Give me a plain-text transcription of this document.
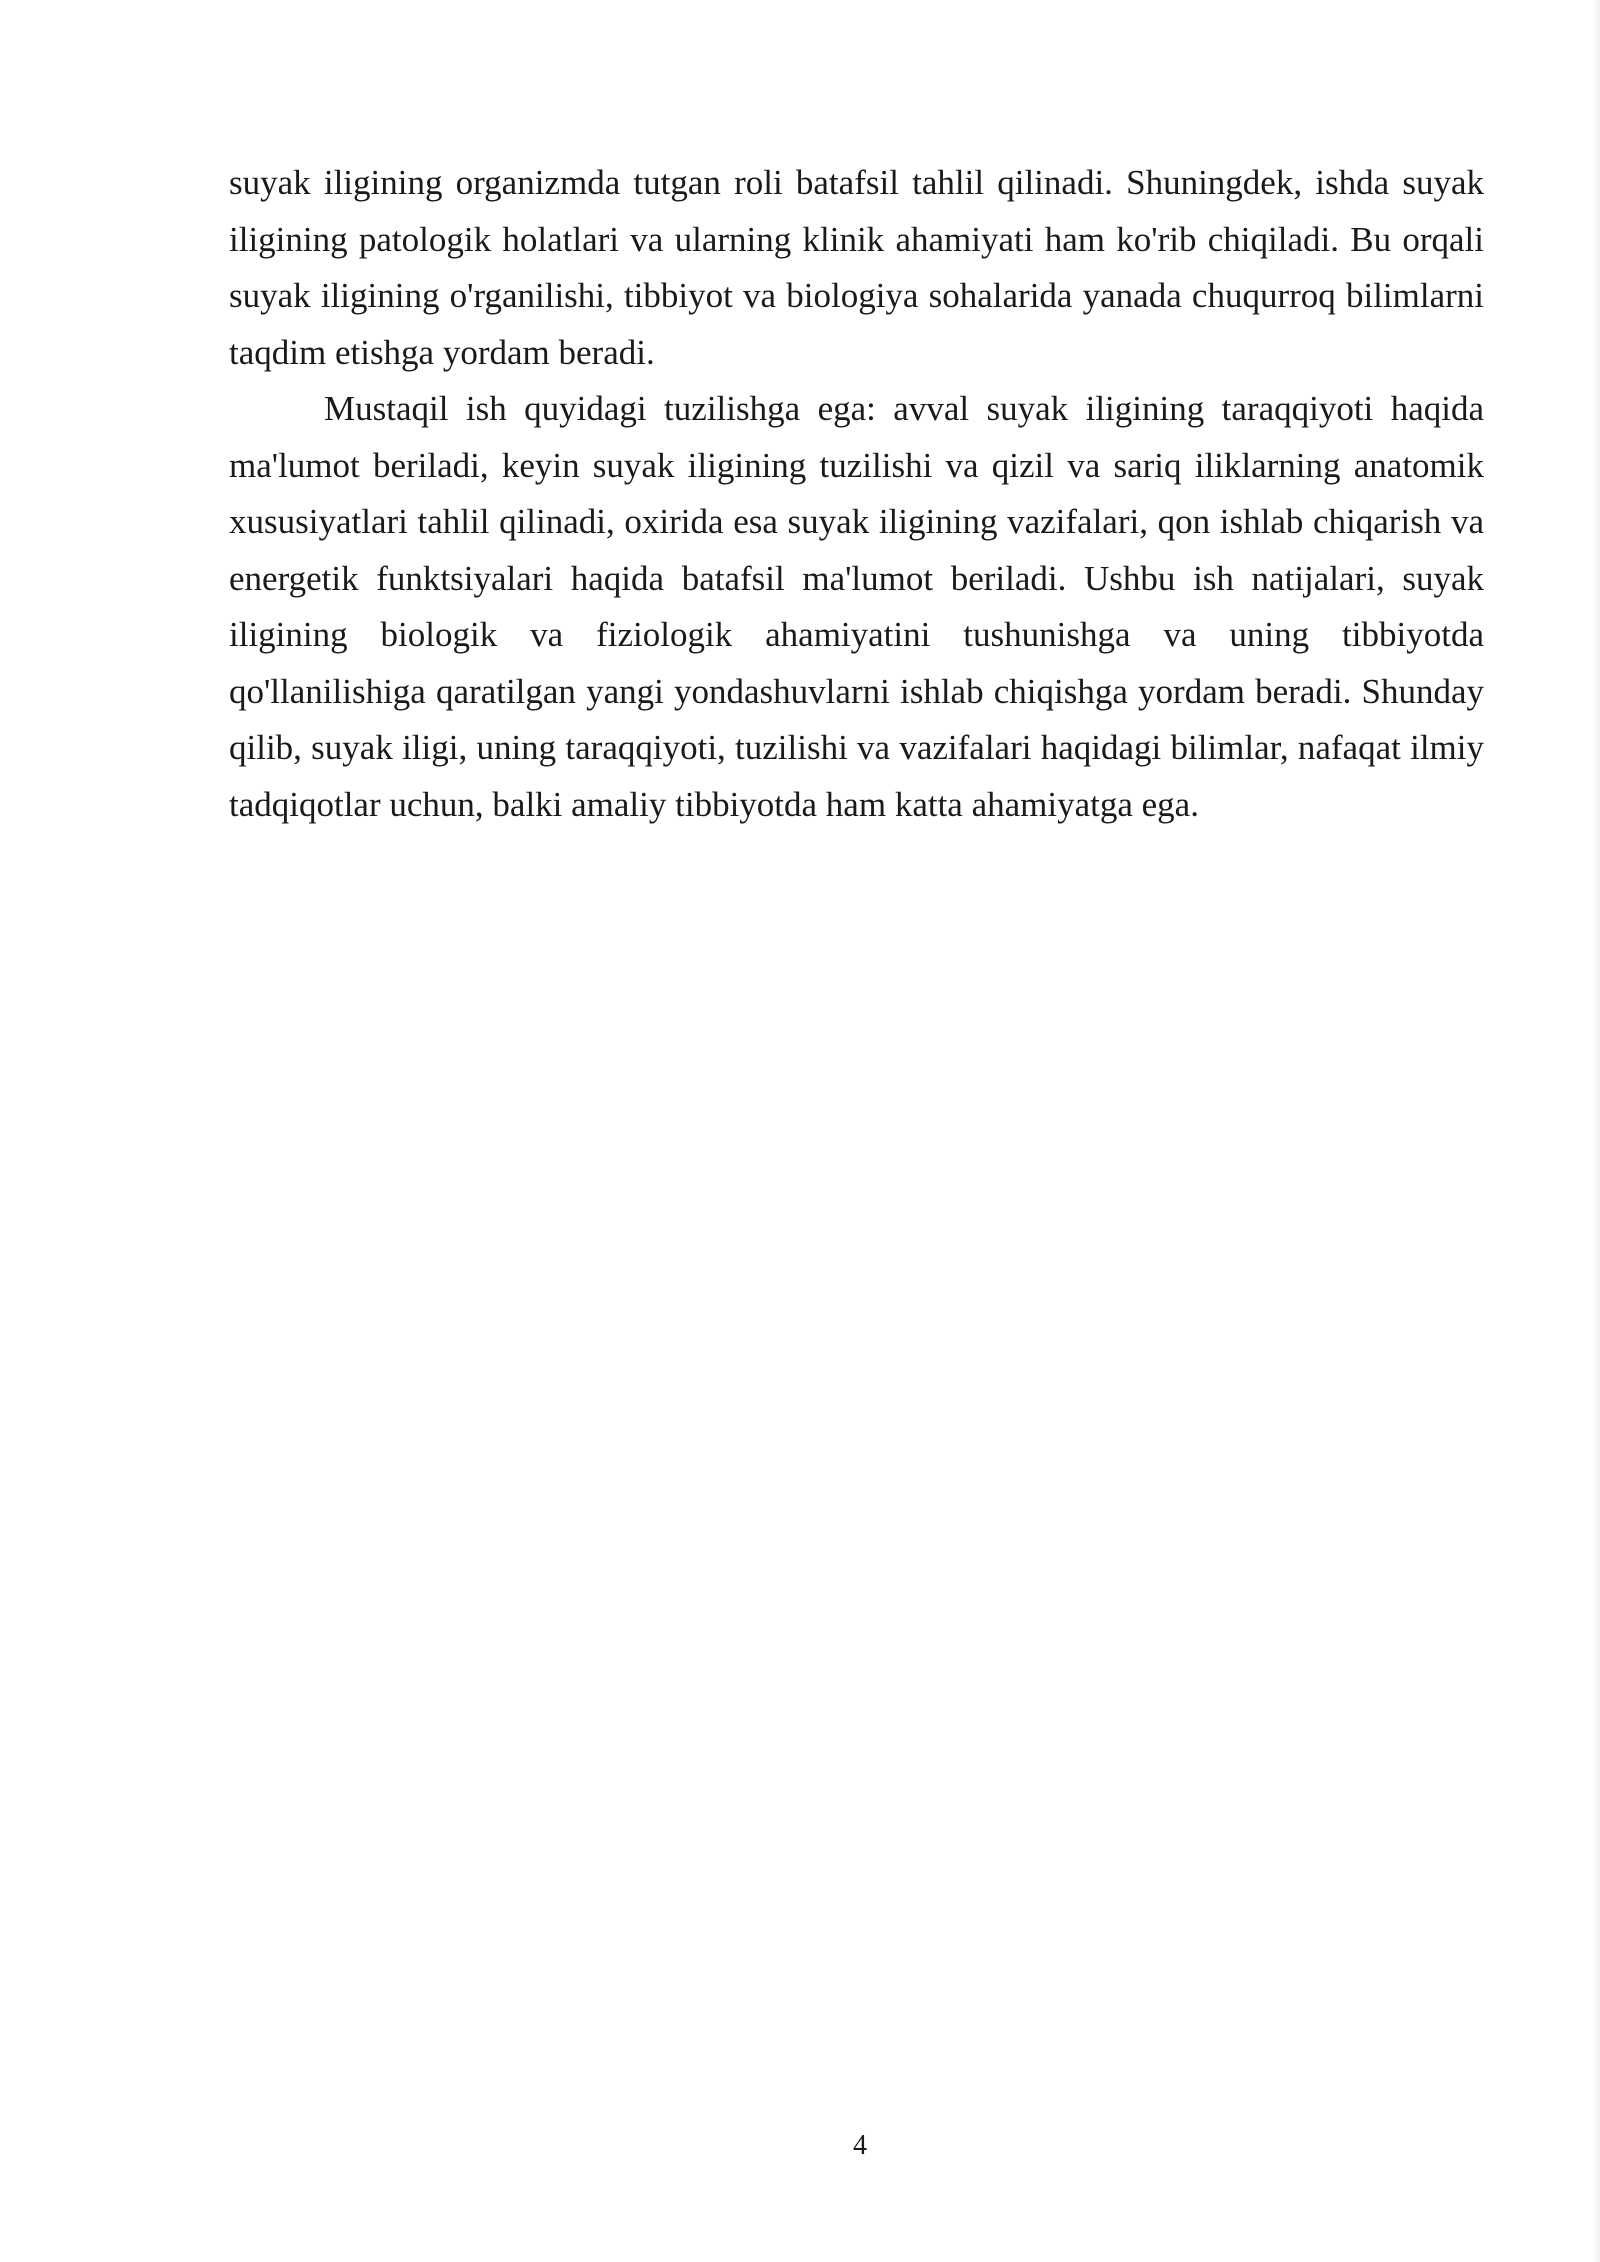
suyak iligining organizmda tutgan roli batafsil tahlil qilinadi. Shuningdek, ishda suyak iligining patologik holatlari va ularning klinik ahamiyati ham ko'rib chiqiladi. Bu orqali suyak iligining o'rganilishi, tibbiyot va biologiya sohalarida yanada chuqurroq bilimlarni taqdim etishga yordam beradi.

Mustaqil ish quyidagi tuzilishga ega: avval suyak iligining taraqqiyoti haqida ma'lumot beriladi, keyin suyak iligining tuzilishi va qizil va sariq iliklarning anatomik xususiyatlari tahlil qilinadi, oxirida esa suyak iligining vazifalari, qon ishlab chiqarish va energetik funktsiyalari haqida batafsil ma'lumot beriladi. Ushbu ish natijalari, suyak iligining biologik va fiziologik ahamiyatini tushunishga va uning tibbiyotda qo'llanilishiga qaratilgan yangi yondashuvlarni ishlab chiqishga yordam beradi. Shunday qilib, suyak iligi, uning taraqqiyoti, tuzilishi va vazifalari haqidagi bilimlar, nafaqat ilmiy tadqiqotlar uchun, balki amaliy tibbiyotda ham katta ahamiyatga ega.

4
